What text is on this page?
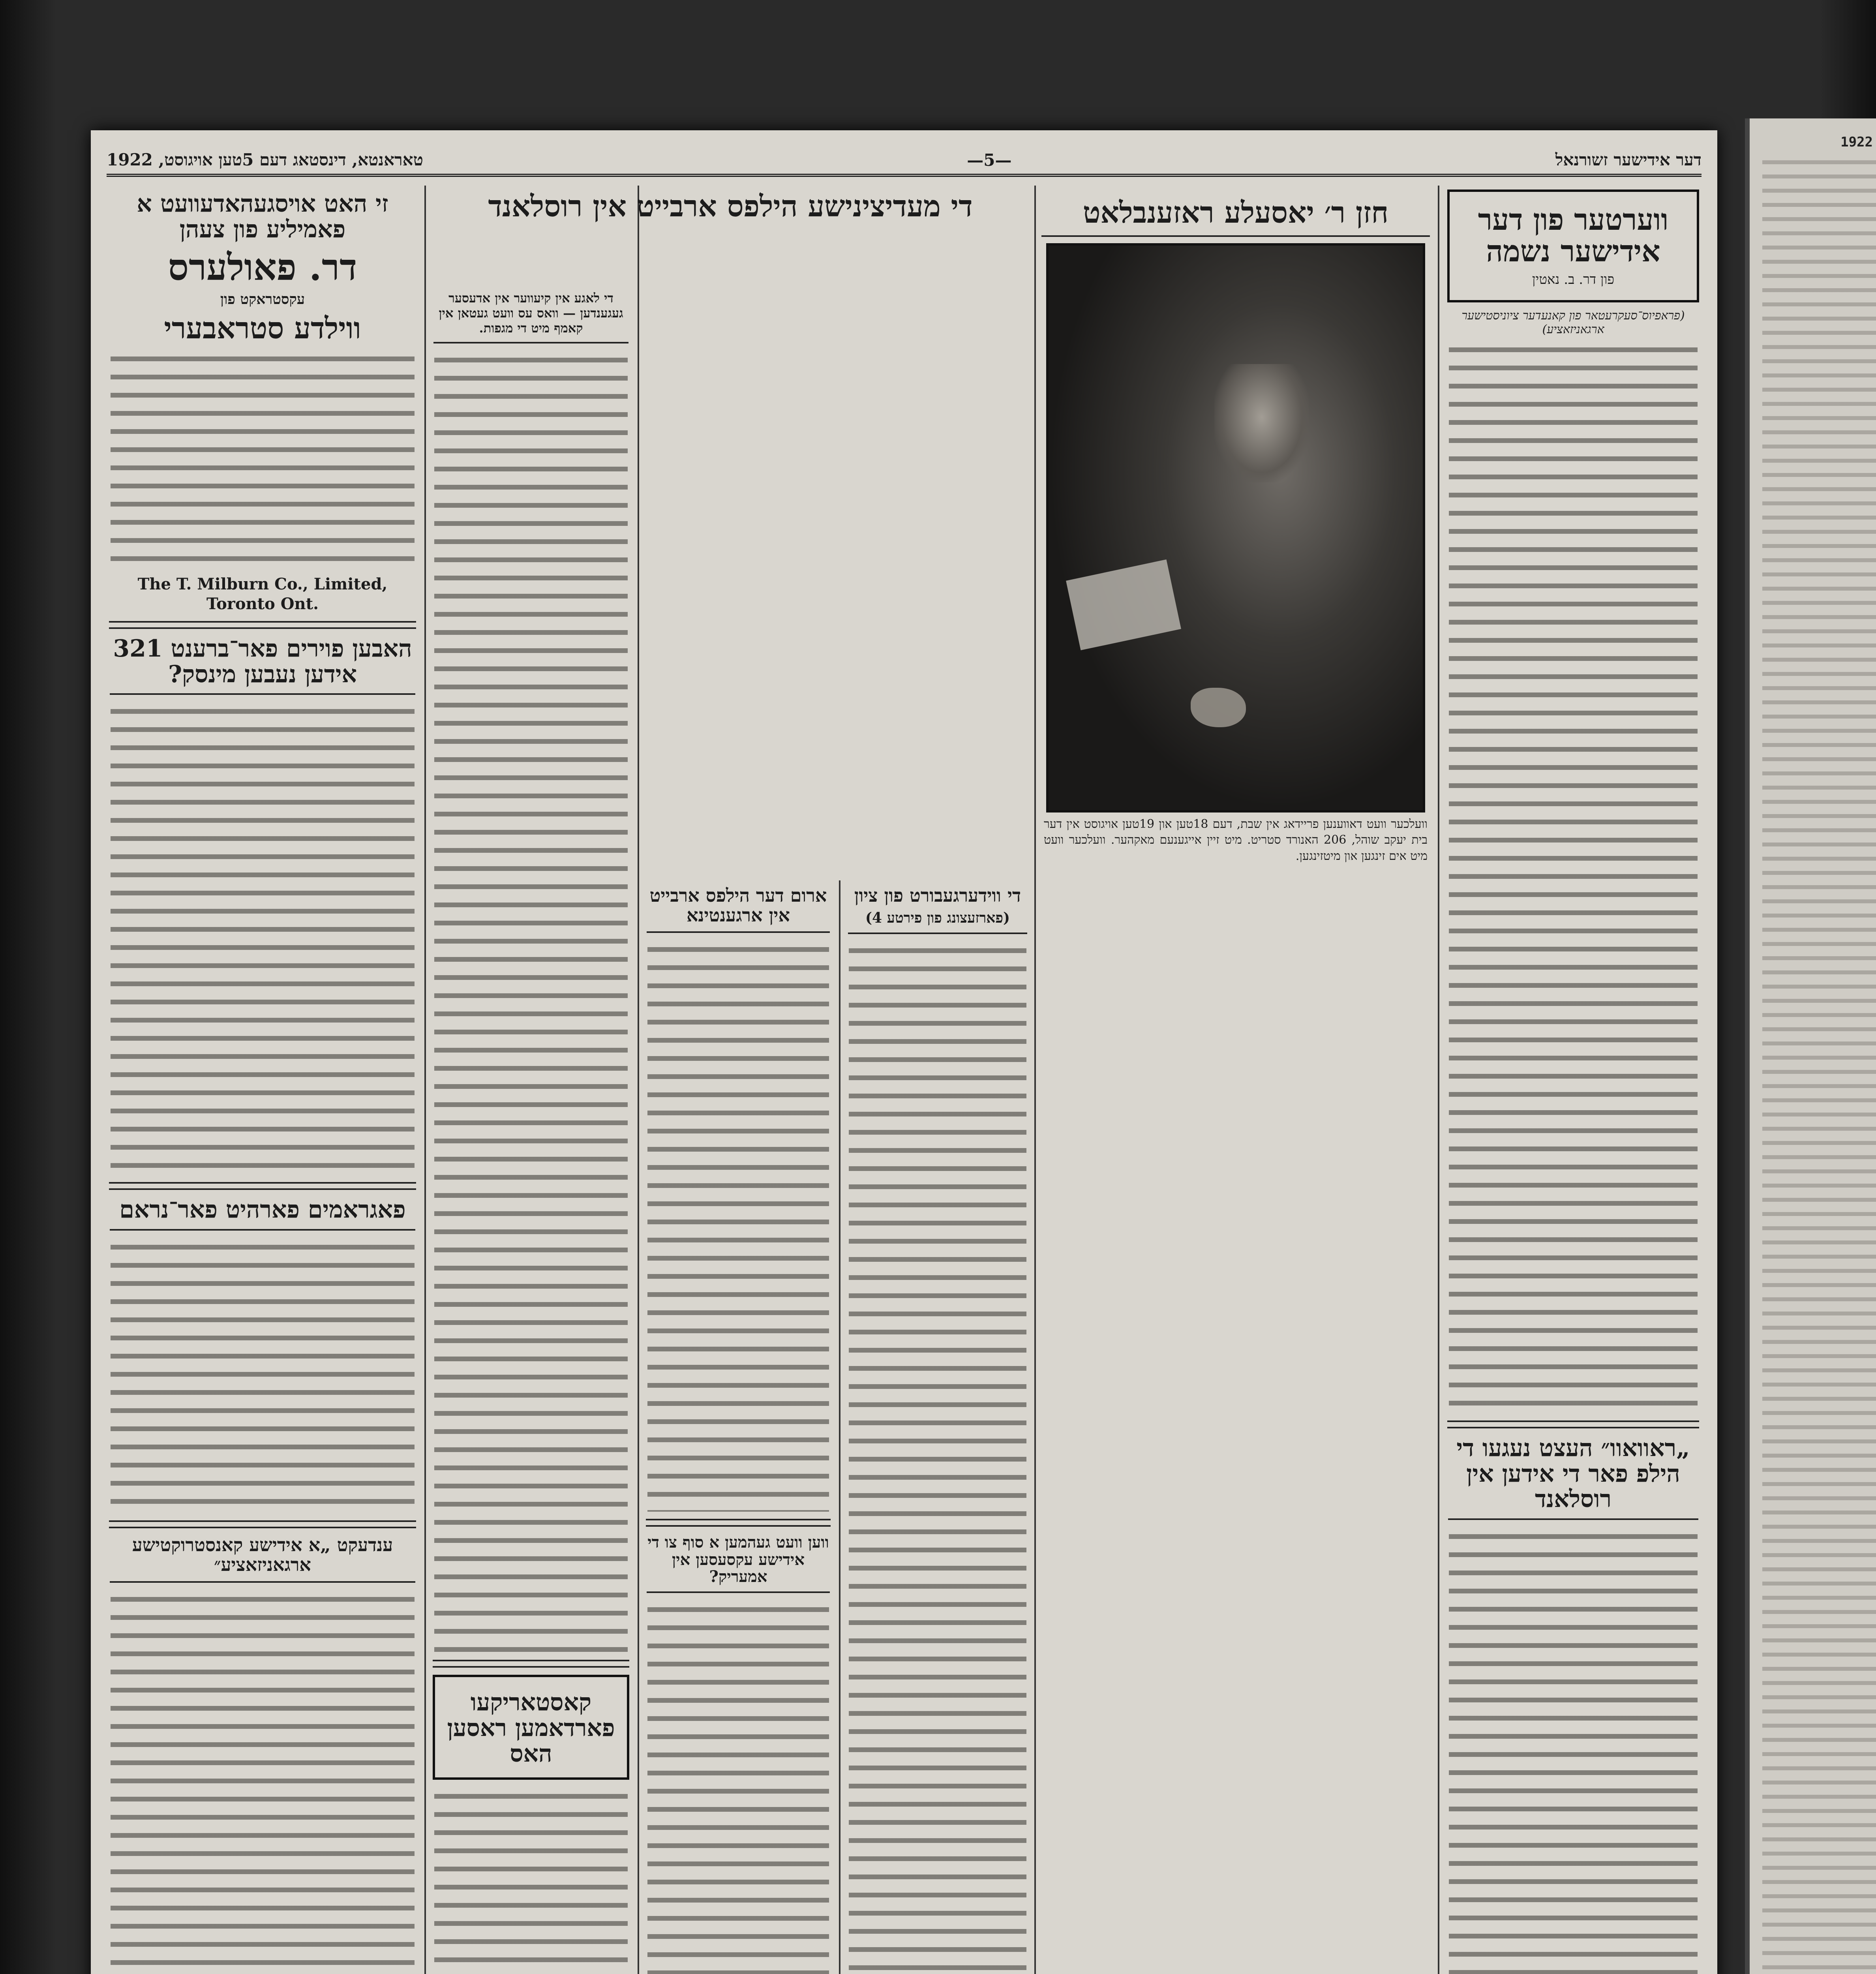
דער אידישער זשורנאל
—5—
טאראנטא, דינסטאג דעם 5טען אויגוסט, 1922
ווערטער פון דער אידישער נשמה
פון דר. ב. נאטין
(פראפיוס־סעקרעטאר פון קאנעדער ציוניסטישער ארגאניזאציע)
„ראוואוו״ העצט נעגעו די הילפ פאר די אידען אין רוסלאנד
חזן ר׳ יאסעלע ראזענבלאט
וועלכער וועט דאווענען פריידאג אין שבת, דעם 18טען און 19טען אויגוסט אין דער בית יעקב שוהל, 206 האנורד סטריט. מיט זיין אייגענעם מאקהער. וועלכער וועט מיט אים זינגען און מיטזינגען.
די ווידערגעבורט פון ציון
(פארזעצונג פון פירטע 4)
ארום דער הילפס ארבייט אין ארגענטינא
ווען וועט געהמען א סוף צו די אידישע עקסעסען אין אמעריק?
די מעדיצינישע הילפס ארבייט אין רוסלאנד
די לאגע אין קיעווער אין אדעסער געגענדען — וואס עס וועט געטאן אין קאמף מיט די מגפות.
קאסטאריקעו פארדאמען ראסען האס
זי האט אויסגעהאדעוועט א פאמיליע פון צעהן
דר. פאולערס
עקסטראקט פון
ווילדע סטראבערי
The T. Milburn Co., Limited, Toronto Ont.
האבען פוירים פאר־ברענט 321 אידען נעבען מינסק?
פאגראמים פארהיט פאר־נראם
ענדעקט „א אידישע קאנסטרוקטישע ארגאניזאציע״
1922
